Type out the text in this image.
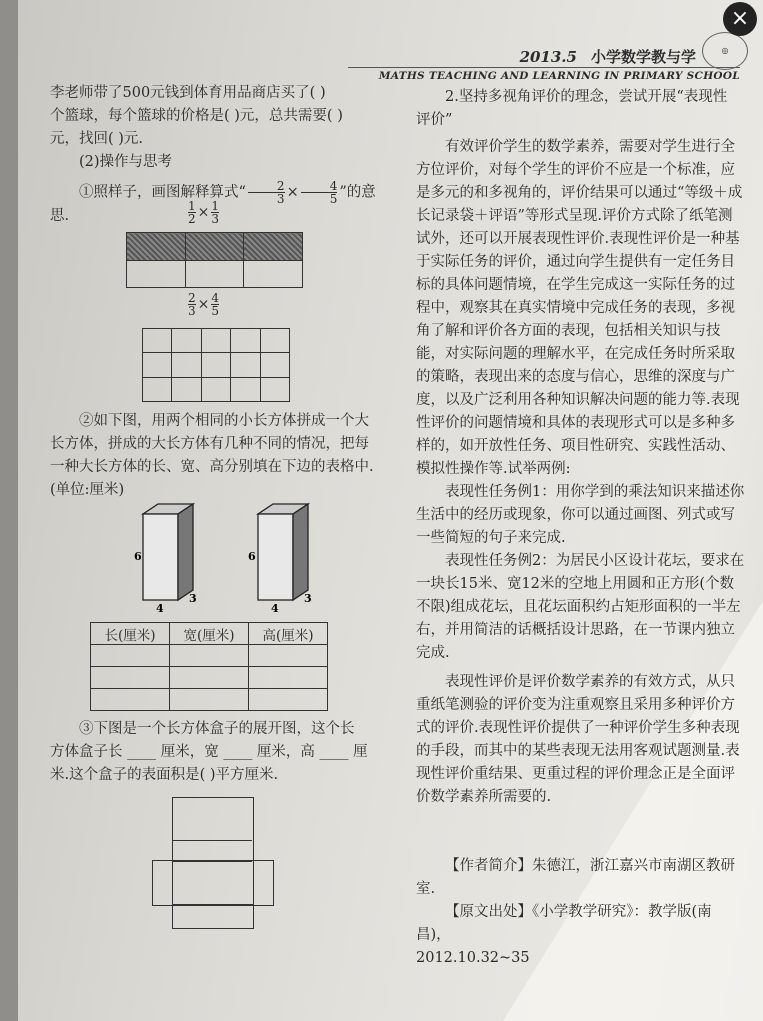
2013.5 小学数学教与学
MATHS TEACHING AND LEARNING IN PRIMARY SCHOOL
◎

李老师带了500元钱到体育用品商店买了( )

个篮球，每个篮球的价格是( )元，总共需要( )

元，找回( )元.

(2)操作与思考

①照样子，画图解释算式“ $\frac{2}{3} \times \frac{4}{5}$ ”的意思.	$\frac{1}{2} \times \frac{1}{3}$

$\frac{2}{3} \times \frac{4}{5}$

②如下图，用两个相同的小长方体拼成一个大

长方体，拼成的大长方体有几种不同的情况，把每

一种大长方体的长、宽、高分别填在下边的表格中.

(单位:厘米)

6
4
3
6
4
3
长(厘米)	宽(厘米)	高(厘米)

③下图是一个长方体盒子的展开图，这个长

方体盒子长 ____ 厘米，宽 ____ 厘米，高 ____ 厘

米.这个盒子的表面积是( )平方厘米.

2.坚持多视角评价的理念，尝试开展“表现性

评价”

有效评价学生的数学素养，需要对学生进行全方位评价，对每个学生的评价不应是一个标准，应是多元的和多视角的，评价结果可以通过“等级＋成长记录袋＋评语”等形式呈现.评价方式除了纸笔测试外，还可以开展表现性评价.表现性评价是一种基于实际任务的评价，通过向学生提供有一定任务目标的具体问题情境，在学生完成这一实际任务的过程中，观察其在真实情境中完成任务的表现，多视角了解和评价各方面的表现，包括相关知识与技能，对实际问题的理解水平，在完成任务时所采取的策略，表现出来的态度与信心，思维的深度与广度，以及广泛利用各种知识解决问题的能力等.表现性评价的问题情境和具体的表现形式可以是多种多样的，如开放性任务、项目性研究、实践性活动、模拟性操作等.试举两例:

表现性任务例1：用你学到的乘法知识来描述你生活中的经历或现象，你可以通过画图、列式或写一些简短的句子来完成.

表现性任务例2：为居民小区设计花坛，要求在一块长15米、宽12米的空地上用圆和正方形(个数不限)组成花坛，且花坛面积约占矩形面积的一半左右，并用简洁的话概括设计思路，在一节课内独立完成.

表现性评价是评价数学素养的有效方式，从只重纸笔测验的评价变为注重观察且采用多种评价方式的评价.表现性评价提供了一种评价学生多种表现的手段，而其中的某些表现无法用客观试题测量.表现性评价重结果、更重过程的评价理念正是全面评价数学素养所需要的.

【作者简介】朱德江，浙江嘉兴市南湖区教研室.

【原文出处】《小学教学研究》：教学版(南昌)，

2012.10.32~35

×
